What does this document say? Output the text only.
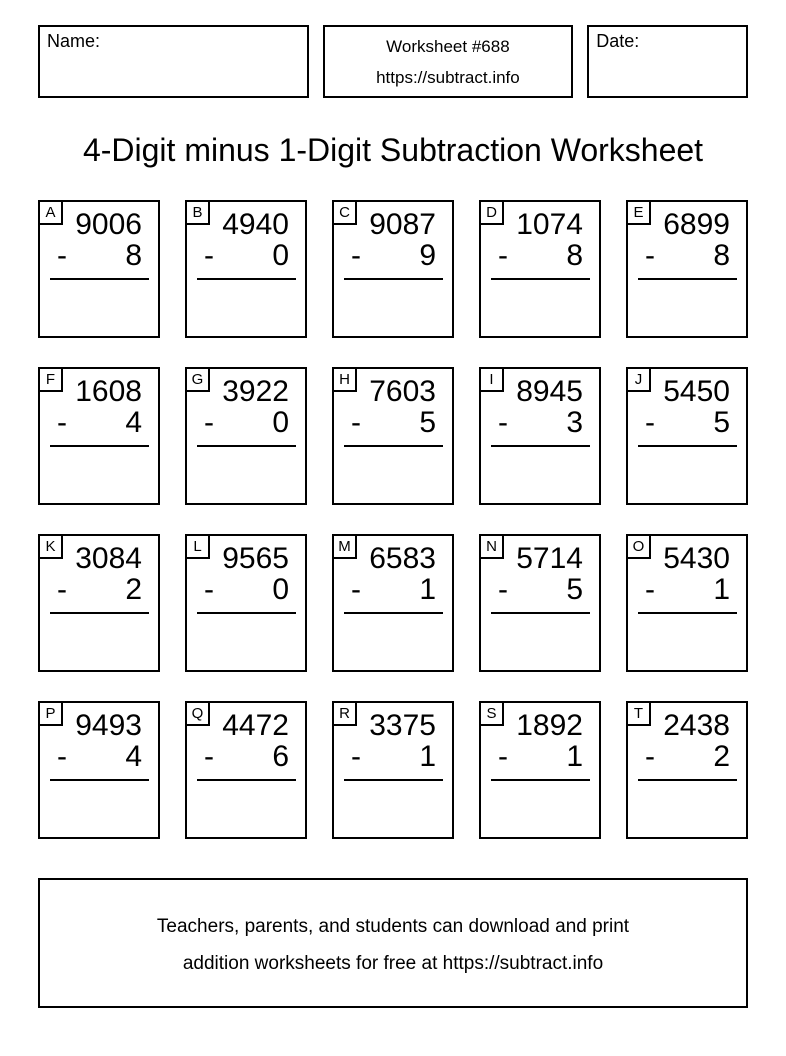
Name:	Worksheet #688
https://subtract.info
Date:
4-Digit minus 1-Digit Subtraction Worksheet
A 9006
- 8
B 4940
- 0
C 9087
- 9
D 1074
- 8
E 6899
- 8
F 1608
- 4
G 3922
- 0
H 7603
- 5
I 8945
- 3
J 5450
- 5
K 3084
- 2
L 9565
- 0
M 6583
- 1
N 5714
- 5
O 5430
- 1
P 9493
- 4
Q 4472
- 6
R 3375
- 1
S 1892
- 1
T 2438
- 2
Teachers, parents, and students can download and print
addition worksheets for free at https://subtract.info
